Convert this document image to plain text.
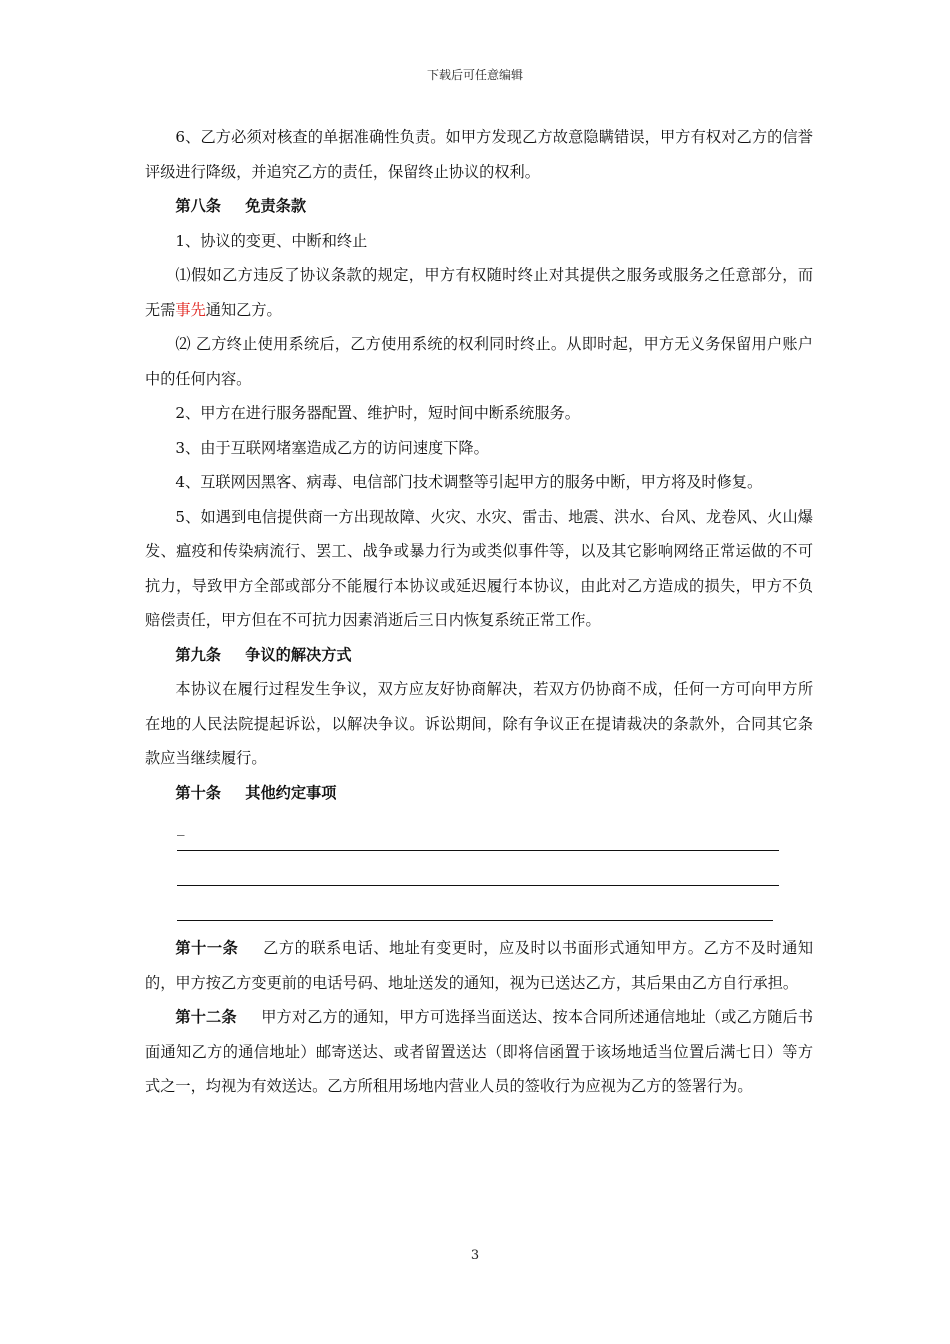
下载后可任意编辑

6、乙方必须对核查的单据准确性负责。如甲方发现乙方故意隐瞒错误，甲方有权对乙方的信誉评级进行降级，并追究乙方的责任，保留终止协议的权利。

第八条 免责条款

1、协议的变更、中断和终止

⑴假如乙方违反了协议条款的规定，甲方有权随时终止对其提供之服务或服务之任意部分，而无需事先通知乙方。

⑵ 乙方终止使用系统后，乙方使用系统的权利同时终止。从即时起，甲方无义务保留用户账户中的任何内容。

2、甲方在进行服务器配置、维护时，短时间中断系统服务。

3、由于互联网堵塞造成乙方的访问速度下降。

4、互联网因黑客、病毒、电信部门技术调整等引起甲方的服务中断，甲方将及时修复。

5、如遇到电信提供商一方出现故障、火灾、水灾、雷击、地震、洪水、台风、龙卷风、火山爆发、瘟疫和传染病流行、罢工、战争或暴力行为或类似事件等，以及其它影响网络正常运做的不可抗力，导致甲方全部或部分不能履行本协议或延迟履行本协议，由此对乙方造成的损失，甲方不负赔偿责任，甲方但在不可抗力因素消逝后三日内恢复系统正常工作。

第九条 争议的解决方式

本协议在履行过程发生争议，双方应友好协商解决，若双方仍协商不成，任何一方可向甲方所在地的人民法院提起诉讼，以解决争议。诉讼期间，除有争议正在提请裁决的条款外，合同其它条款应当继续履行。

第十条 其他约定事项

_

第十一条 乙方的联系电话、地址有变更时，应及时以书面形式通知甲方。乙方不及时通知的，甲方按乙方变更前的电话号码、地址送发的通知，视为已送达乙方，其后果由乙方自行承担。

第十二条 甲方对乙方的通知，甲方可选择当面送达、按本合同所述通信地址（或乙方随后书面通知乙方的通信地址）邮寄送达、或者留置送达（即将信函置于该场地适当位置后满七日）等方式之一，均视为有效送达。乙方所租用场地内营业人员的签收行为应视为乙方的签署行为。

3
